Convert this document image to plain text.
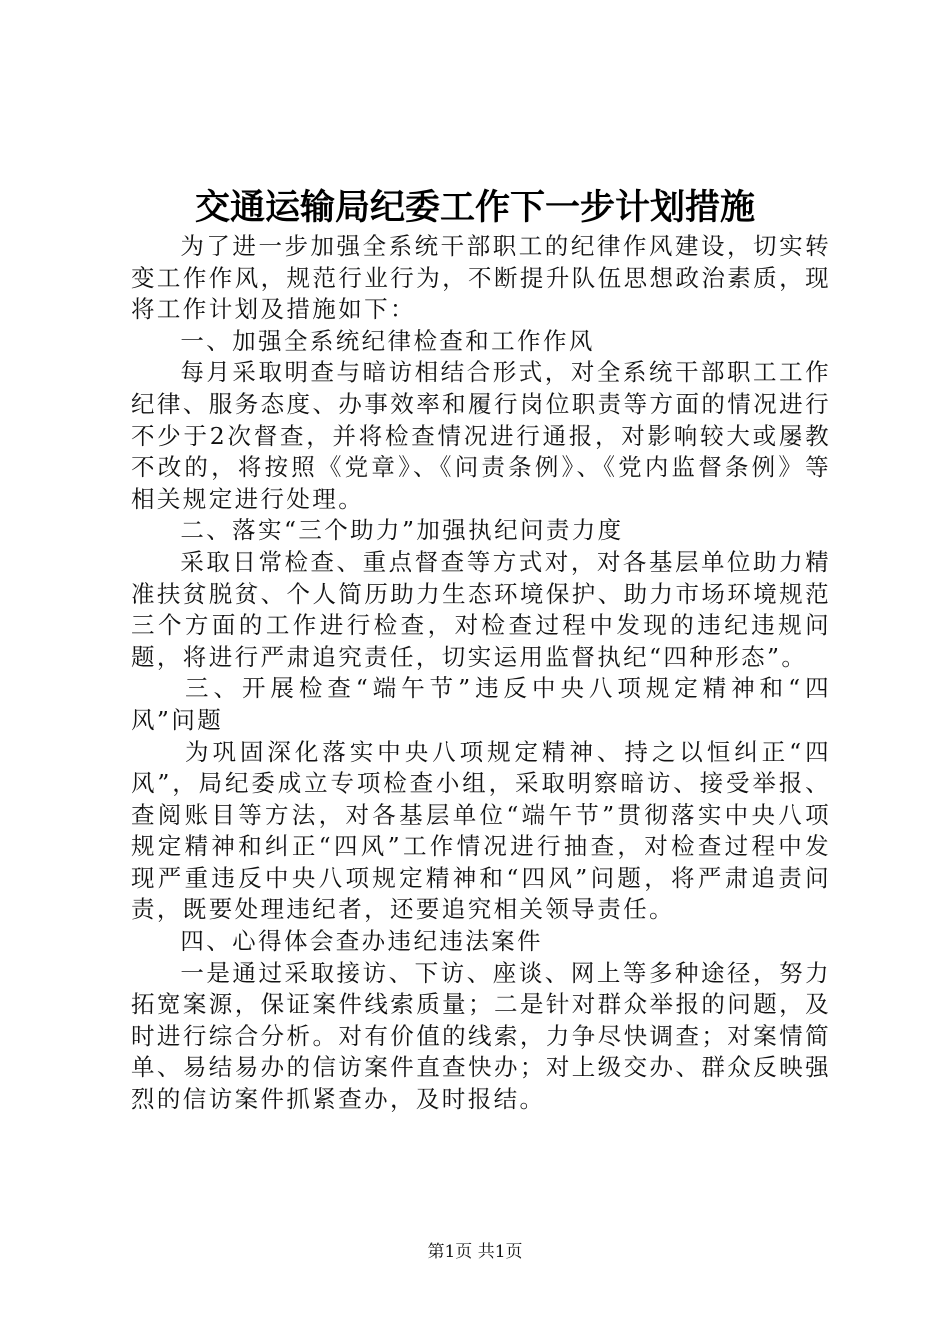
交通运输局纪委工作下一步计划措施

为了进一步加强全系统干部职工的纪律作风建设，切实转变工作作风，规范行业行为，不断提升队伍思想政治素质，现将工作计划及措施如下：

一、加强全系统纪律检查和工作作风

每月采取明查与暗访相结合形式，对全系统干部职工工作纪律、服务态度、办事效率和履行岗位职责等方面的情况进行不少于2次督查，并将检查情况进行通报，对影响较大或屡教不改的，将按照《党章》、《问责条例》、《党内监督条例》等相关规定进行处理。

二、落实“三个助力”加强执纪问责力度

采取日常检查、重点督查等方式对，对各基层单位助力精准扶贫脱贫、个人简历助力生态环境保护、助力市场环境规范三个方面的工作进行检查，对检查过程中发现的违纪违规问题，将进行严肃追究责任，切实运用监督执纪“四种形态”。

三、开展检查“端午节”违反中央八项规定精神和“四风”问题

为巩固深化落实中央八项规定精神、持之以恒纠正“四风”，局纪委成立专项检查小组，采取明察暗访、接受举报、查阅账目等方法，对各基层单位“端午节”贯彻落实中央八项规定精神和纠正“四风”工作情况进行抽查，对检查过程中发现严重违反中央八项规定精神和“四风”问题，将严肃追责问责，既要处理违纪者，还要追究相关领导责任。

四、心得体会查办违纪违法案件

一是通过采取接访、下访、座谈、网上等多种途径，努力拓宽案源，保证案件线索质量；二是针对群众举报的问题，及时进行综合分析。对有价值的线索，力争尽快调查；对案情简单、易结易办的信访案件直查快办；对上级交办、群众反映强烈的信访案件抓紧查办，及时报结。

第1页 共1页
